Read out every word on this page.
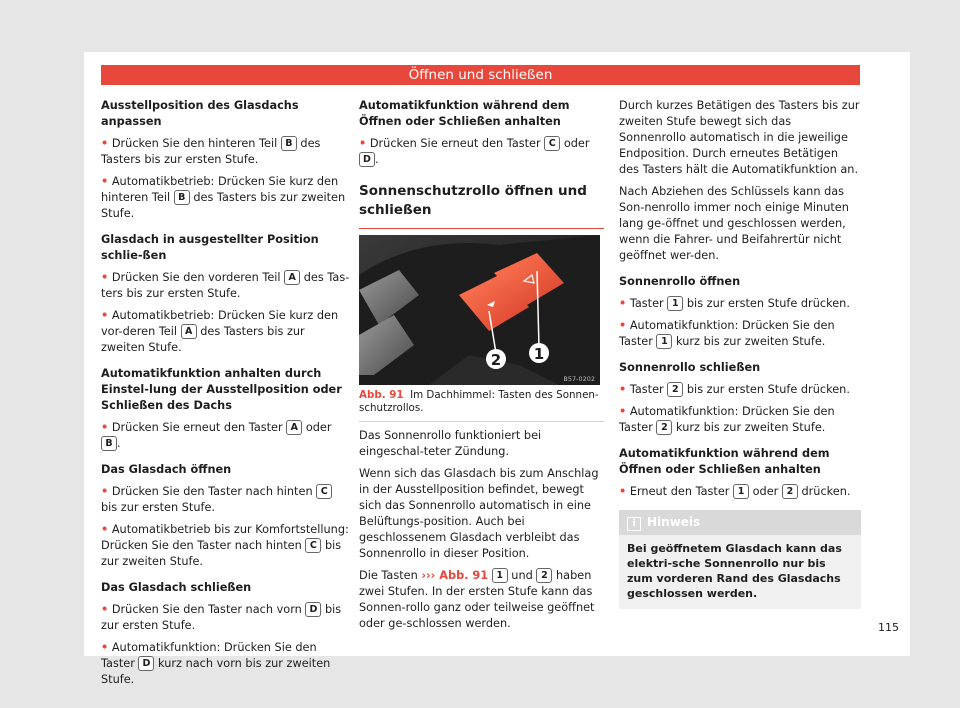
Öffnen und schließen

Ausstellposition des Glasdachs anpassen

• Drücken Sie den hinteren Teil B des Tasters bis zur ersten Stufe.

• Automatikbetrieb: Drücken Sie kurz den hinteren Teil B des Tasters bis zur zweiten Stufe.

Glasdach in ausgestellter Position schlie-ßen

• Drücken Sie den vorderen Teil A des Tas-ters bis zur ersten Stufe.

• Automatikbetrieb: Drücken Sie kurz den vor-deren Teil A des Tasters bis zur zweiten Stufe.

Automatikfunktion anhalten durch Einstel-lung der Ausstellposition oder Schließen des Dachs

• Drücken Sie erneut den Taster A oder B .

Das Glasdach öffnen

• Drücken Sie den Taster nach hinten C bis zur ersten Stufe.

• Automatikbetrieb bis zur Komfortstellung: Drücken Sie den Taster nach hinten C bis zur zweiten Stufe.

Das Glasdach schließen

• Drücken Sie den Taster nach vorn D bis zur ersten Stufe.

• Automatikfunktion: Drücken Sie den Taster D kurz nach vorn bis zur zweiten Stufe.

Automatikfunktion während dem Öffnen oder Schließen anhalten

• Drücken Sie erneut den Taster C oder D .

Sonnenschutzrollo öffnen und schließen
2 1
B57-0202

Abb. 91 Im Dachhimmel: Tasten des Sonnen-schutzrollos.

Das Sonnenrollo funktioniert bei eingeschal-teter Zündung.

Wenn sich das Glasdach bis zum Anschlag in der Ausstellposition befindet, bewegt sich das Sonnenrollo automatisch in eine Belüftungs-position. Auch bei geschlossenem Glasdach verbleibt das Sonnenrollo in dieser Position.

Die Tasten ››› Abb. 91 1 und 2 haben zwei Stufen. In der ersten Stufe kann das Sonnen-rollo ganz oder teilweise geöffnet oder ge-schlossen werden.

Durch kurzes Betätigen des Tasters bis zur zweiten Stufe bewegt sich das Sonnenrollo automatisch in die jeweilige Endposition. Durch erneutes Betätigen des Tasters hält die Automatikfunktion an.

Nach Abziehen des Schlüssels kann das Son-nenrollo immer noch einige Minuten lang ge-öffnet und geschlossen werden, wenn die Fahrer- und Beifahrertür nicht geöffnet wer-den.

Sonnenrollo öffnen

• Taster 1 bis zur ersten Stufe drücken.

• Automatikfunktion: Drücken Sie den Taster 1 kurz bis zur zweiten Stufe.

Sonnenrollo schließen

• Taster 2 bis zur ersten Stufe drücken.

• Automatikfunktion: Drücken Sie den Taster 2 kurz bis zur zweiten Stufe.

Automatikfunktion während dem Öffnen oder Schließen anhalten

• Erneut den Taster 1 oder 2 drücken.

i Hinweis
Bei geöffnetem Glasdach kann das elektri-sche Sonnenrollo nur bis zum vorderen Rand des Glasdachs geschlossen werden.
115
